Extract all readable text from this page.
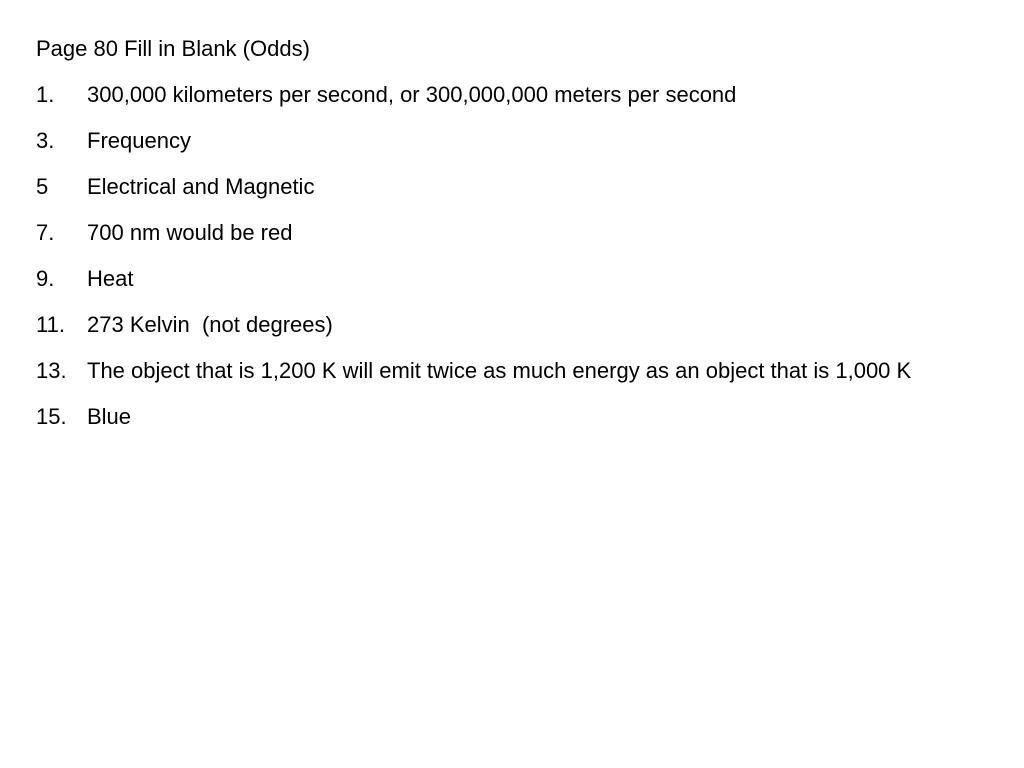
Page 80 Fill in Blank (Odds)
1.	300,000 kilometers per second, or 300,000,000 meters per second
3.	Frequency
5	Electrical and Magnetic
7.	700 nm would be red
9.	Heat
11.	273 Kelvin  (not degrees)
13. The object that is 1,200 K will emit twice as much energy as an object that is 1,000 K
15. Blue
